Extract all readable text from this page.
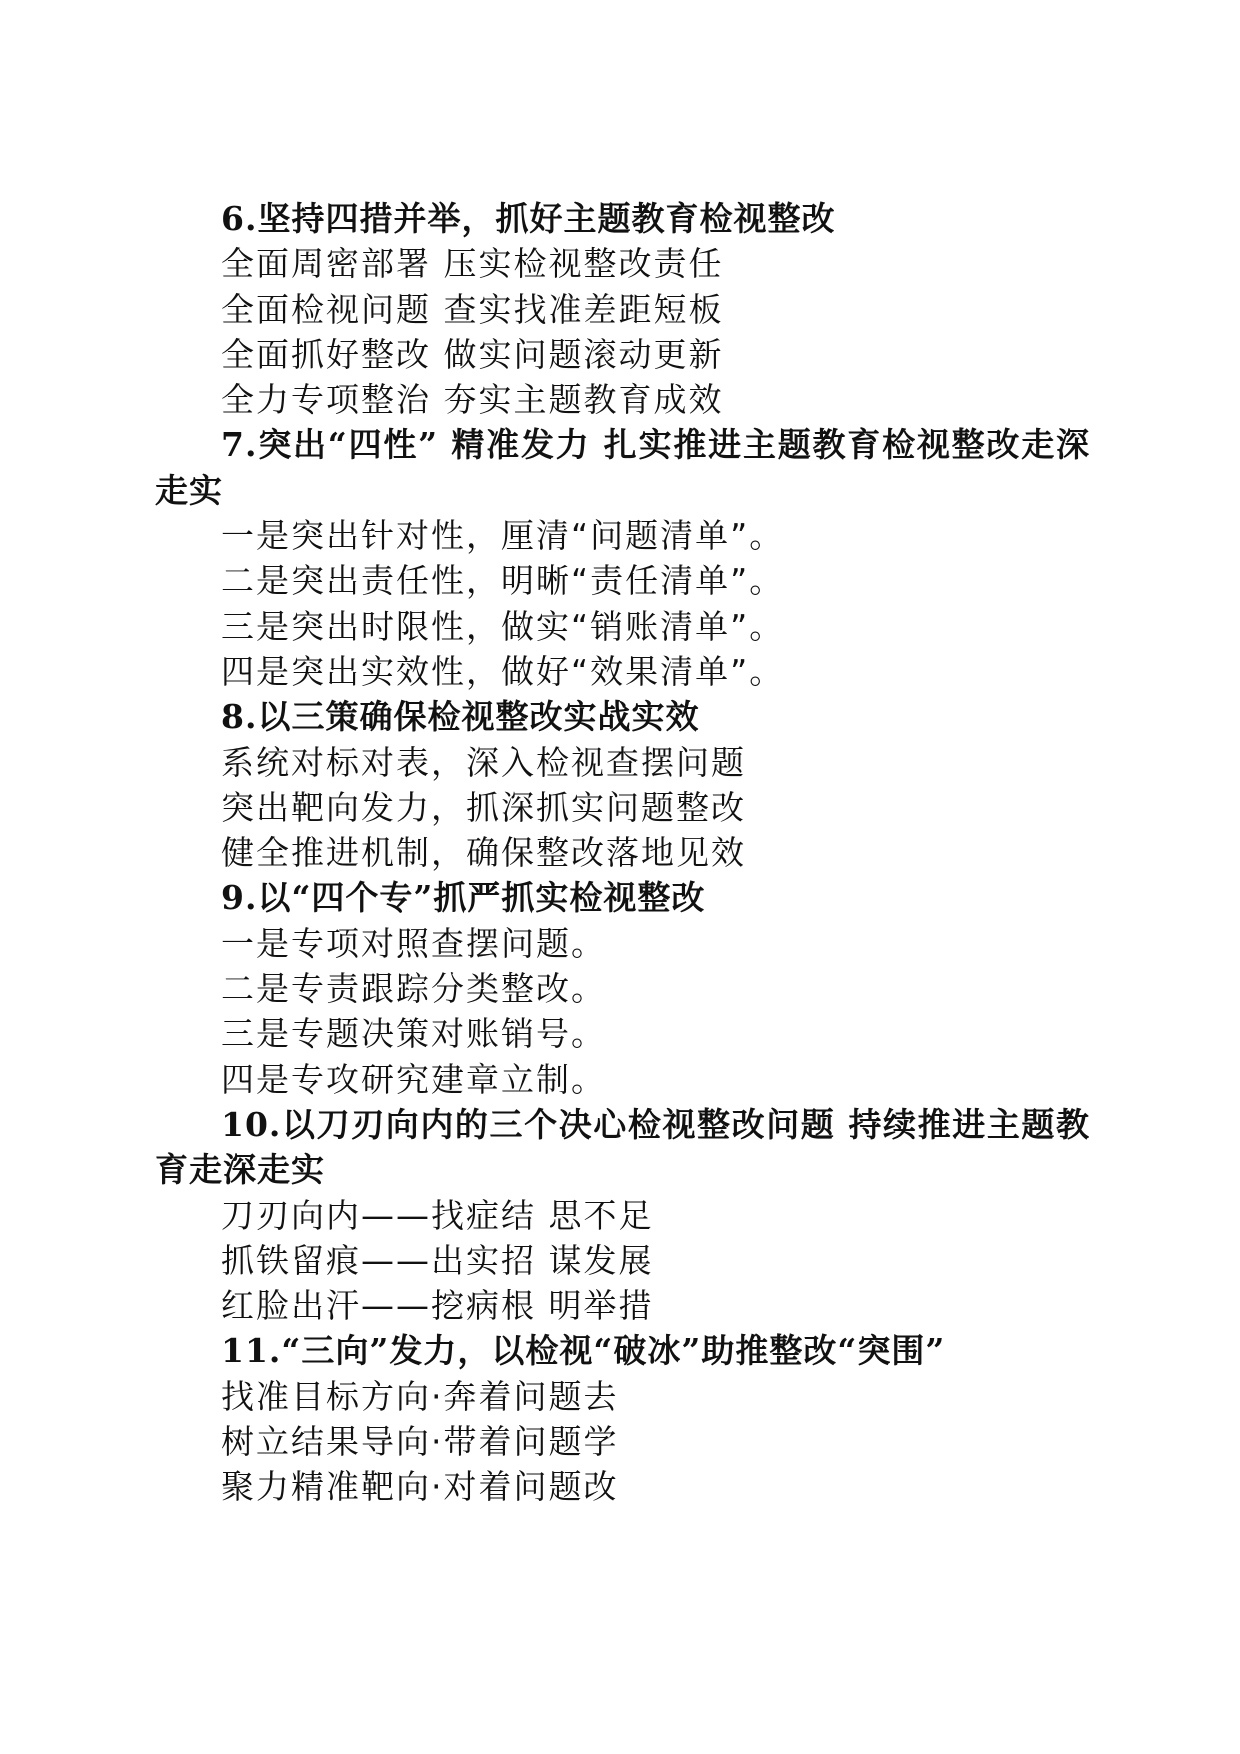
6.坚持四措并举，抓好主题教育检视整改
全面周密部署 压实检视整改责任
全面检视问题 查实找准差距短板
全面抓好整改 做实问题滚动更新
全力专项整治 夯实主题教育成效
7.突出“四性” 精准发力 扎实推进主题教育检视整改走深走实
一是突出针对性，厘清“问题清单”。
二是突出责任性，明晰“责任清单”。
三是突出时限性，做实“销账清单”。
四是突出实效性，做好“效果清单”。
8.以三策确保检视整改实战实效
系统对标对表，深入检视查摆问题
突出靶向发力，抓深抓实问题整改
健全推进机制，确保整改落地见效
9.以“四个专”抓严抓实检视整改
一是专项对照查摆问题。
二是专责跟踪分类整改。
三是专题决策对账销号。
四是专攻研究建章立制。
10.以刀刃向内的三个决心检视整改问题 持续推进主题教育走深走实
刀刃向内——找症结 思不足
抓铁留痕——出实招 谋发展
红脸出汗——挖病根 明举措
11.“三向”发力，以检视“破冰”助推整改“突围”
找准目标方向·奔着问题去
树立结果导向·带着问题学
聚力精准靶向·对着问题改
